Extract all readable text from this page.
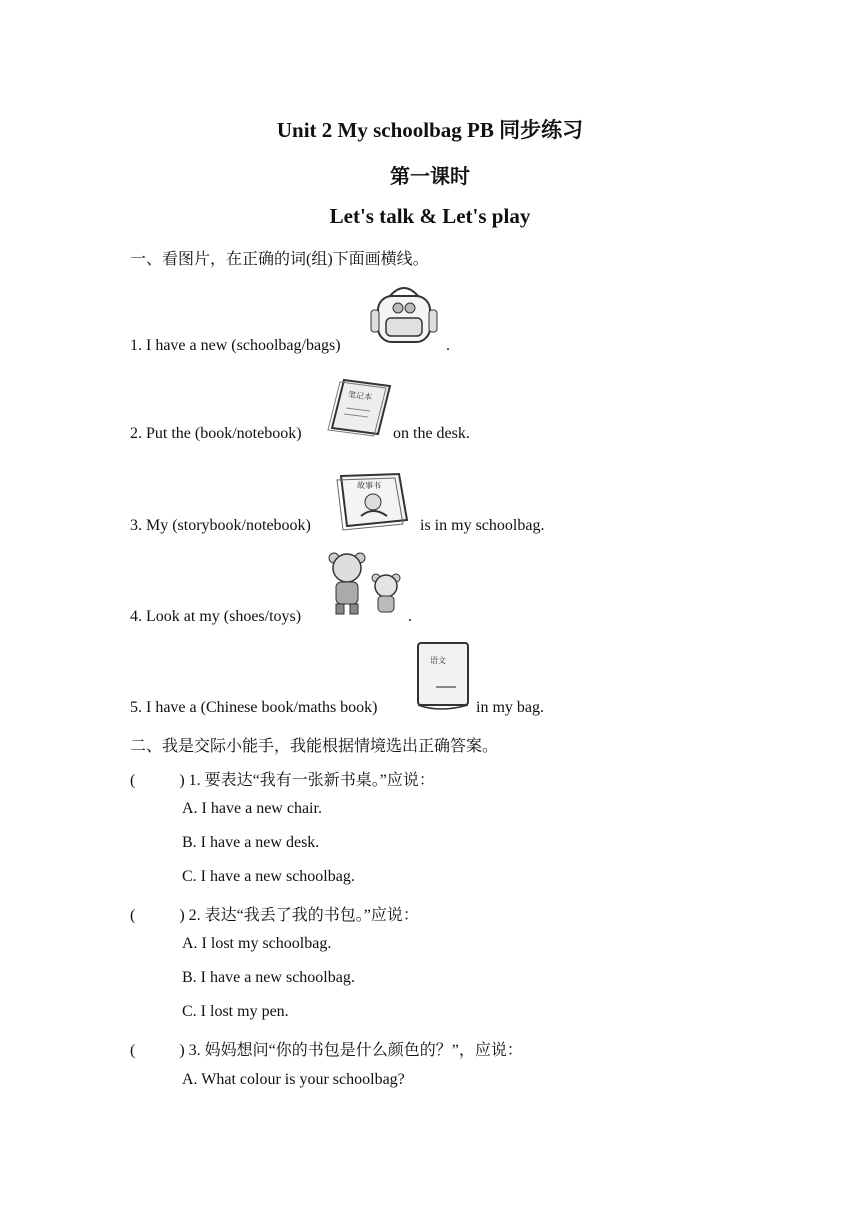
Unit 2 My schoolbag PB 同步练习
第一课时
Let's talk & Let's play
一、看图片，在正确的词(组)下面画横线。
1. I have a new (schoolbag/bags)	.
2. Put the (book/notebook)
笔记本
on the desk.
3. My (storybook/notebook)
故事书
is in my schoolbag.
4. Look at my (shoes/toys)	.
5. I have a (Chinese book/maths book)
语文
in my bag.
二、我是交际小能手，我能根据情境选出正确答案。
(	) 1. 要表达“我有一张新书桌。”应说：
A. I have a new chair.
B. I have a new desk.
C. I have a new schoolbag.
(	) 2. 表达“我丢了我的书包。”应说：
A. I lost my schoolbag.
B. I have a new schoolbag.
C. I lost my pen.
(	) 3. 妈妈想问“你的书包是什么颜色的？”，应说：
A. What colour is your schoolbag?
